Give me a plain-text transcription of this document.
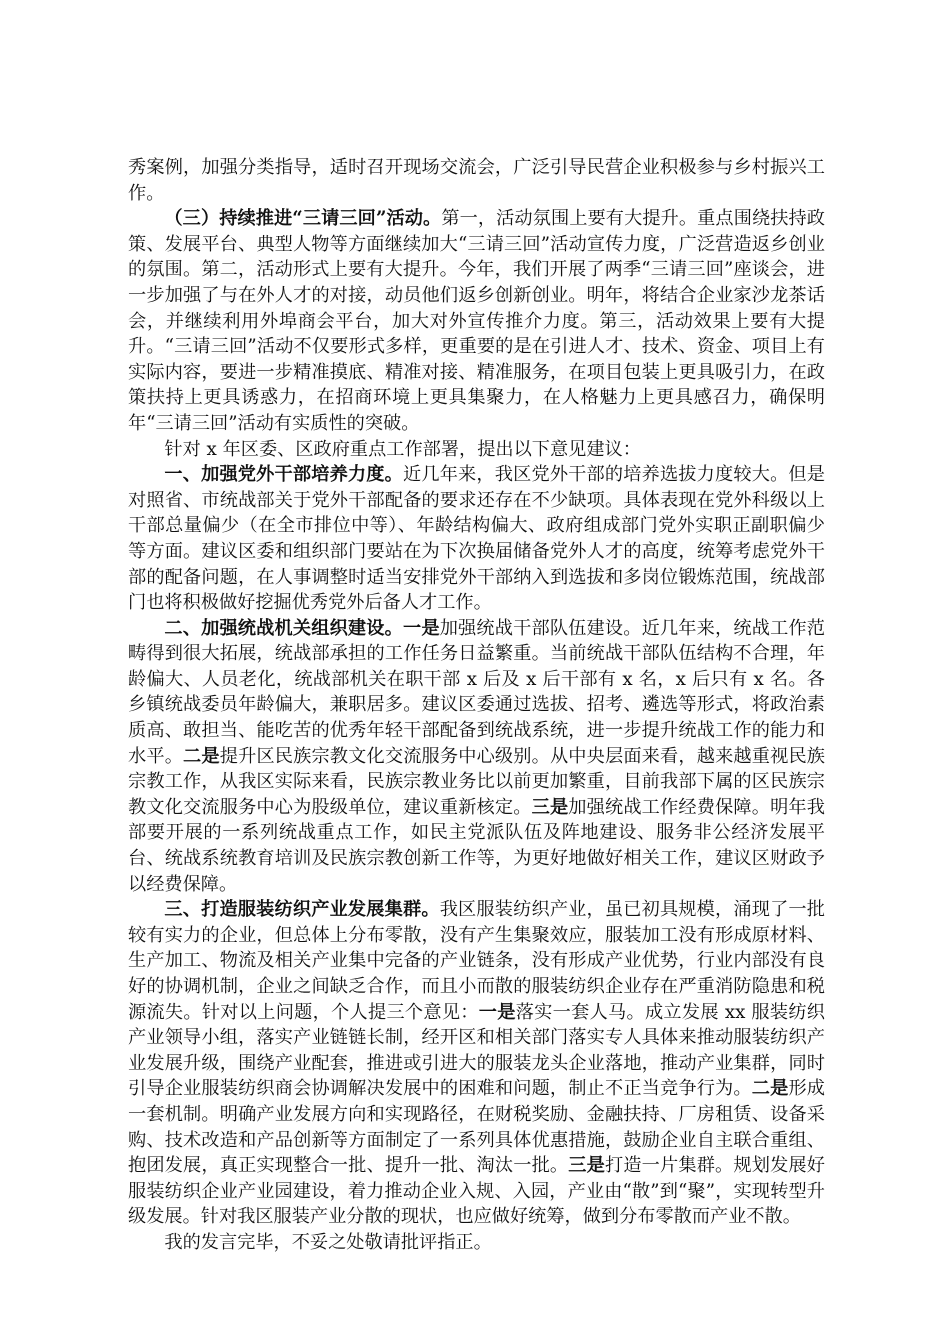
秀案例，加强分类指导，适时召开现场交流会，广泛引导民营企业积极参与乡村振兴工作。

（三）持续推进“三请三回”活动。第一，活动氛围上要有大提升。重点围绕扶持政策、发展平台、典型人物等方面继续加大“三请三回”活动宣传力度，广泛营造返乡创业的氛围。第二，活动形式上要有大提升。今年，我们开展了两季“三请三回”座谈会，进一步加强了与在外人才的对接，动员他们返乡创新创业。明年，将结合企业家沙龙茶话会，并继续利用外埠商会平台，加大对外宣传推介力度。第三，活动效果上要有大提升。“三请三回”活动不仅要形式多样，更重要的是在引进人才、技术、资金、项目上有实际内容，要进一步精准摸底、精准对接、精准服务，在项目包装上更具吸引力，在政策扶持上更具诱惑力，在招商环境上更具集聚力，在人格魅力上更具感召力，确保明年“三请三回”活动有实质性的突破。

针对 x 年区委、区政府重点工作部署，提出以下意见建议：

一、加强党外干部培养力度。近几年来，我区党外干部的培养选拔力度较大。但是对照省、市统战部关于党外干部配备的要求还存在不少缺项。具体表现在党外科级以上干部总量偏少（在全市排位中等）、年龄结构偏大、政府组成部门党外实职正副职偏少等方面。建议区委和组织部门要站在为下次换届储备党外人才的高度，统筹考虑党外干部的配备问题，在人事调整时适当安排党外干部纳入到选拔和多岗位锻炼范围，统战部门也将积极做好挖掘优秀党外后备人才工作。

二、加强统战机关组织建设。一是加强统战干部队伍建设。近几年来，统战工作范畴得到很大拓展，统战部承担的工作任务日益繁重。当前统战干部队伍结构不合理，年龄偏大、人员老化，统战部机关在职干部 x 后及 x 后干部有 x 名，x 后只有 x 名。各乡镇统战委员年龄偏大，兼职居多。建议区委通过选拔、招考、遴选等形式，将政治素质高、敢担当、能吃苦的优秀年轻干部配备到统战系统，进一步提升统战工作的能力和水平。二是提升区民族宗教文化交流服务中心级别。从中央层面来看，越来越重视民族宗教工作，从我区实际来看，民族宗教业务比以前更加繁重，目前我部下属的区民族宗教文化交流服务中心为股级单位，建议重新核定。三是加强统战工作经费保障。明年我部要开展的一系列统战重点工作，如民主党派队伍及阵地建设、服务非公经济发展平台、统战系统教育培训及民族宗教创新工作等，为更好地做好相关工作，建议区财政予以经费保障。

三、打造服装纺织产业发展集群。我区服装纺织产业，虽已初具规模，涌现了一批较有实力的企业，但总体上分布零散，没有产生集聚效应，服装加工没有形成原材料、生产加工、物流及相关产业集中完备的产业链条，没有形成产业优势，行业内部没有良好的协调机制，企业之间缺乏合作，而且小而散的服装纺织企业存在严重消防隐患和税源流失。针对以上问题，个人提三个意见：一是落实一套人马。成立发展 xx 服装纺织产业领导小组，落实产业链链长制，经开区和相关部门落实专人具体来推动服装纺织产业发展升级，围绕产业配套，推进或引进大的服装龙头企业落地，推动产业集群，同时引导企业服装纺织商会协调解决发展中的困难和问题，制止不正当竞争行为。二是形成一套机制。明确产业发展方向和实现路径，在财税奖励、金融扶持、厂房租赁、设备采购、技术改造和产品创新等方面制定了一系列具体优惠措施，鼓励企业自主联合重组、抱团发展，真正实现整合一批、提升一批、淘汰一批。三是打造一片集群。规划发展好服装纺织企业产业园建设，着力推动企业入规、入园，产业由“散”到“聚”，实现转型升级发展。针对我区服装产业分散的现状，也应做好统筹，做到分布零散而产业不散。

我的发言完毕，不妥之处敬请批评指正。
